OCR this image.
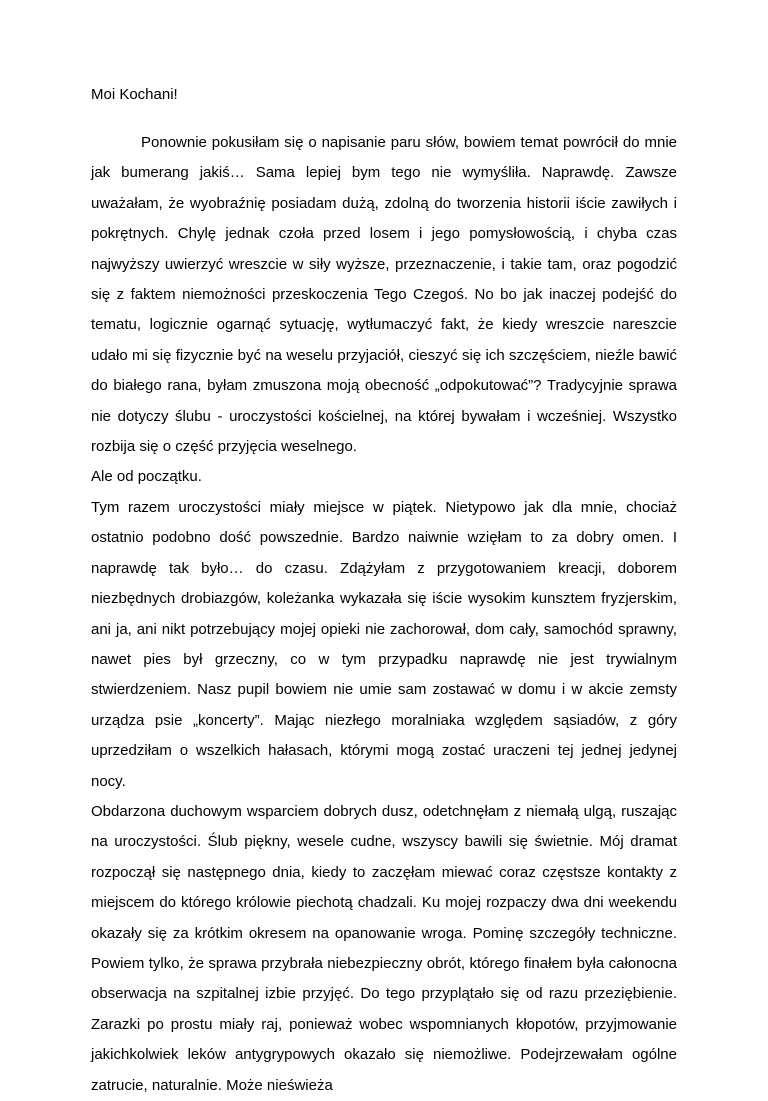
Moi Kochani!

Ponownie pokusiłam się o napisanie paru słów, bowiem temat powrócił do mnie jak bumerang jakiś… Sama lepiej bym tego nie wymyśliła. Naprawdę. Zawsze uważałam, że wyobraźnię posiadam dużą, zdolną do tworzenia historii iście zawiłych i pokrętnych. Chylę jednak czoła przed losem i jego pomysłowością, i chyba czas najwyższy uwierzyć wreszcie w siły wyższe, przeznaczenie, i takie tam, oraz pogodzić się z faktem niemożności przeskoczenia Tego Czegoś. No bo jak inaczej podejść do tematu, logicznie ogarnąć sytuację, wytłumaczyć fakt, że kiedy wreszcie nareszcie udało mi się fizycznie być na weselu przyjaciół, cieszyć się ich szczęściem, nieźle bawić do białego rana, byłam zmuszona moją obecność „odpokutować”? Tradycyjnie sprawa nie dotyczy ślubu - uroczystości kościelnej, na której bywałam i wcześniej. Wszystko rozbija się o część przyjęcia weselnego.

Ale od początku.

Tym razem uroczystości miały miejsce w piątek. Nietypowo jak dla mnie, chociaż ostatnio podobno dość powszednie. Bardzo naiwnie wzięłam to za dobry omen. I naprawdę tak było… do czasu. Zdążyłam z przygotowaniem kreacji, doborem niezbędnych drobiazgów, koleżanka wykazała się iście wysokim kunsztem fryzjerskim, ani ja, ani nikt potrzebujący mojej opieki nie zachorował, dom cały, samochód sprawny, nawet pies był grzeczny, co w tym przypadku naprawdę nie jest trywialnym stwierdzeniem. Nasz pupil bowiem nie umie sam zostawać w domu i w akcie zemsty urządza psie „koncerty”. Mając niezłego moralniaka względem sąsiadów, z góry uprzedziłam o wszelkich hałasach, którymi mogą zostać uraczeni tej jednej jedynej nocy.

Obdarzona duchowym wsparciem dobrych dusz, odetchnęłam z niemałą ulgą, ruszając na uroczystości. Ślub piękny, wesele cudne, wszyscy bawili się świetnie. Mój dramat rozpoczął się następnego dnia, kiedy to zaczęłam miewać coraz częstsze kontakty z miejscem do którego królowie piechotą chadzali. Ku mojej rozpaczy dwa dni weekendu okazały się za krótkim okresem na opanowanie wroga. Pominę szczegóły techniczne. Powiem tylko, że sprawa przybrała niebezpieczny obrót, którego finałem była całonocna obserwacja na szpitalnej izbie przyjęć. Do tego przyplątało się od razu przeziębienie. Zarazki po prostu miały raj, ponieważ wobec wspomnianych kłopotów, przyjmowanie jakichkolwiek leków antygrypowych okazało się niemożliwe. Podejrzewałam ogólne zatrucie, naturalnie. Może nieświeża
